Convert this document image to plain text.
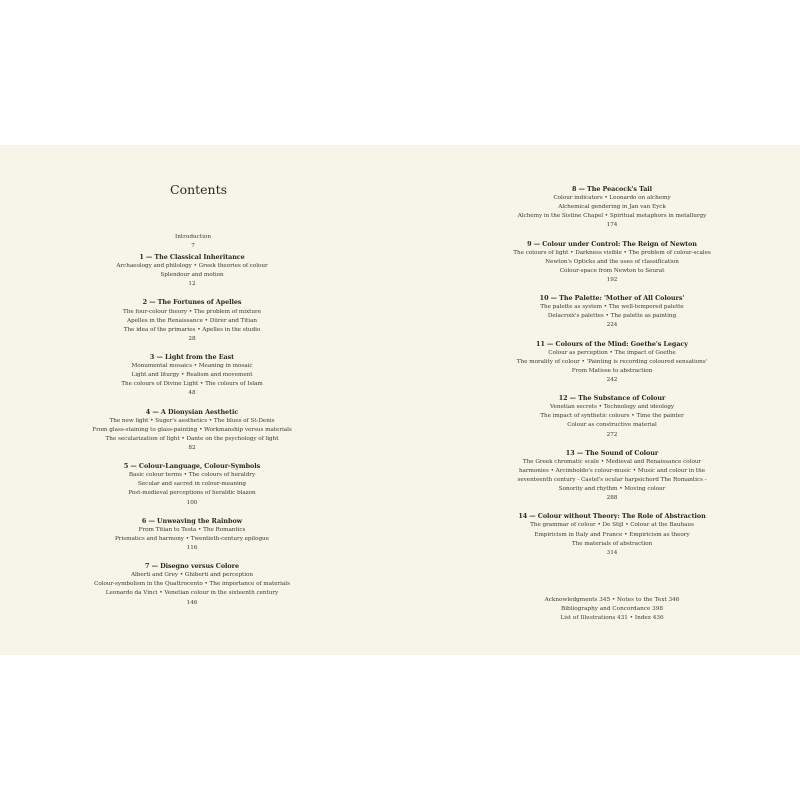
Contents
Introduction
7
1 — The Classical Inheritance
Archaeology and philology • Greek theories of colour
Splendour and motion
12
2 — The Fortunes of Apelles
The four-colour theory • The problem of mixture
Apelles in the Renaissance • Dürer and Titian
The idea of the primaries • Apelles in the studio
28
3 — Light from the East
Monumental mosaics • Meaning in mosaic
Light and liturgy • Realism and movement
The colours of Divine Light • The colours of Islam
48
4 — A Dionysian Aesthetic
The new light • Suger's aesthetics • The blues of St-Denis
From glass-staining to glass-painting • Workmanship versus materials
The secularization of light • Dante on the psychology of light
82
5 — Colour-Language, Colour-Symbols
Basic colour terms • The colours of heraldry
Secular and sacred in colour-meaning
Post-medieval perceptions of heraldic blazon
100
6 — Unweaving the Rainbow
From Titian to Testa • The Romantics
Prismatics and harmony • Twentieth-century epilogue
116
7 — Disegno versus Colore
Alberti and Grey • Ghiberti and perception
Colour-symbolism in the Quattrocento • The importance of materials
Leonardo da Vinci • Venetian colour in the sixteenth century
146
8 — The Peacock's Tail
Colour indicators • Leonardo on alchemy
Alchemical gendering in Jan van Eyck
Alchemy in the Sistine Chapel • Spiritual metaphors in metallurgy
174
9 — Colour under Control: The Reign of Newton
The colours of light • Darkness visible • The problem of colour-scales
Newton's Opticks and the uses of classification
Colour-space from Newton to Seurat
192
10 — The Palette: 'Mother of All Colours'
The palette as system • The well-tempered palette
Delacroix's palettes • The palette as painting
224
11 — Colours of the Mind: Goethe's Legacy
Colour as perception • The impact of Goethe
The morality of colour • 'Painting is recording coloured sensations'
From Matisse to abstraction
242
12 — The Substance of Colour
Venetian secrets • Technology and ideology
The impact of synthetic colours • Time the painter
Colour as constructive material
272
13 — The Sound of Colour
The Greek chromatic scale • Medieval and Renaissance colour
harmonies • Arcimboldo's colour-music • Music and colour in the
seventeenth century - Castel's ocular harpsichord The Romantics -
Sonority and rhythm • Moving colour
288
14 — Colour without Theory: The Role of Abstraction
The grammar of colour • De Stijl • Colour at the Bauhaus
Empiricism in Italy and France • Empiricism as theory
The materials of abstraction
314
Acknowledgments 345 • Notes to the Text 346
Bibliography and Concordance 398
List of Illustrations 431 • Index 436
